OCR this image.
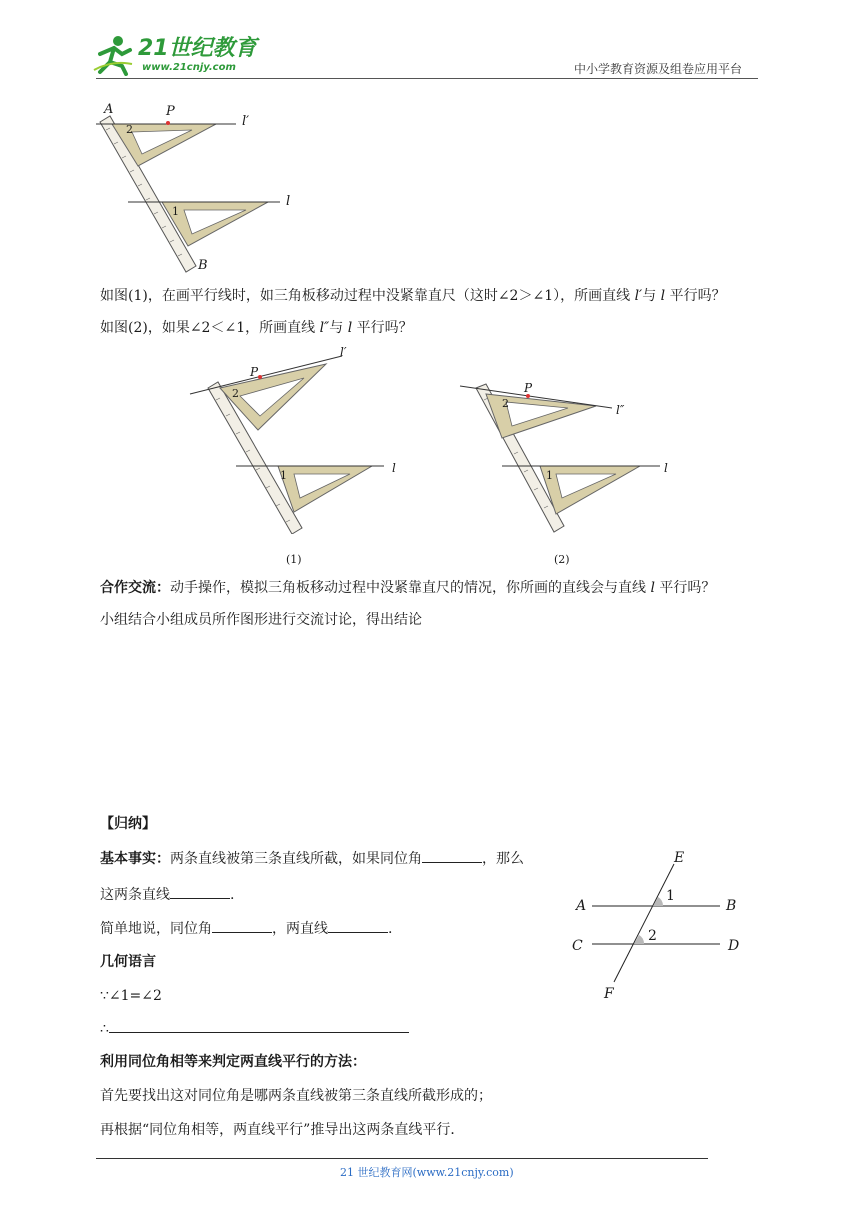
21世纪教育
www.21cnjy.com	中小学教育资源及组卷应用平台
A	P
l′
2
1
l
B
如图(1)，在画平行线时，如三角板移动过程中没紧靠直尺（这时∠2＞∠1），所画直线 l′与 l 平行吗？
如图(2)，如果∠2＜∠1，所画直线 l″与 l 平行吗？
P
l′
2
1
l
(1)
P
l″
2
1
l
(2)
合作交流：动手操作，模拟三角板移动过程中没紧靠直尺的情况，你所画的直线会与直线 l 平行吗？
小组结合小组成员所作图形进行交流讨论，得出结论
【归纳】
基本事实：两条直线被第三条直线所截，如果同位角	，那么
这两条直线	.
简单地说，同位角	，两直线	.
几何语言
∵∠1=∠2
∴
利用同位角相等来判定两直线平行的方法：
首先要找出这对同位角是哪两条直线被第三条直线所截形成的；
再根据“同位角相等，两直线平行”推导出这两条直线平行．
E
A
1
B
C
2
D
F
21 世纪教育网(www.21cnjy.com)
